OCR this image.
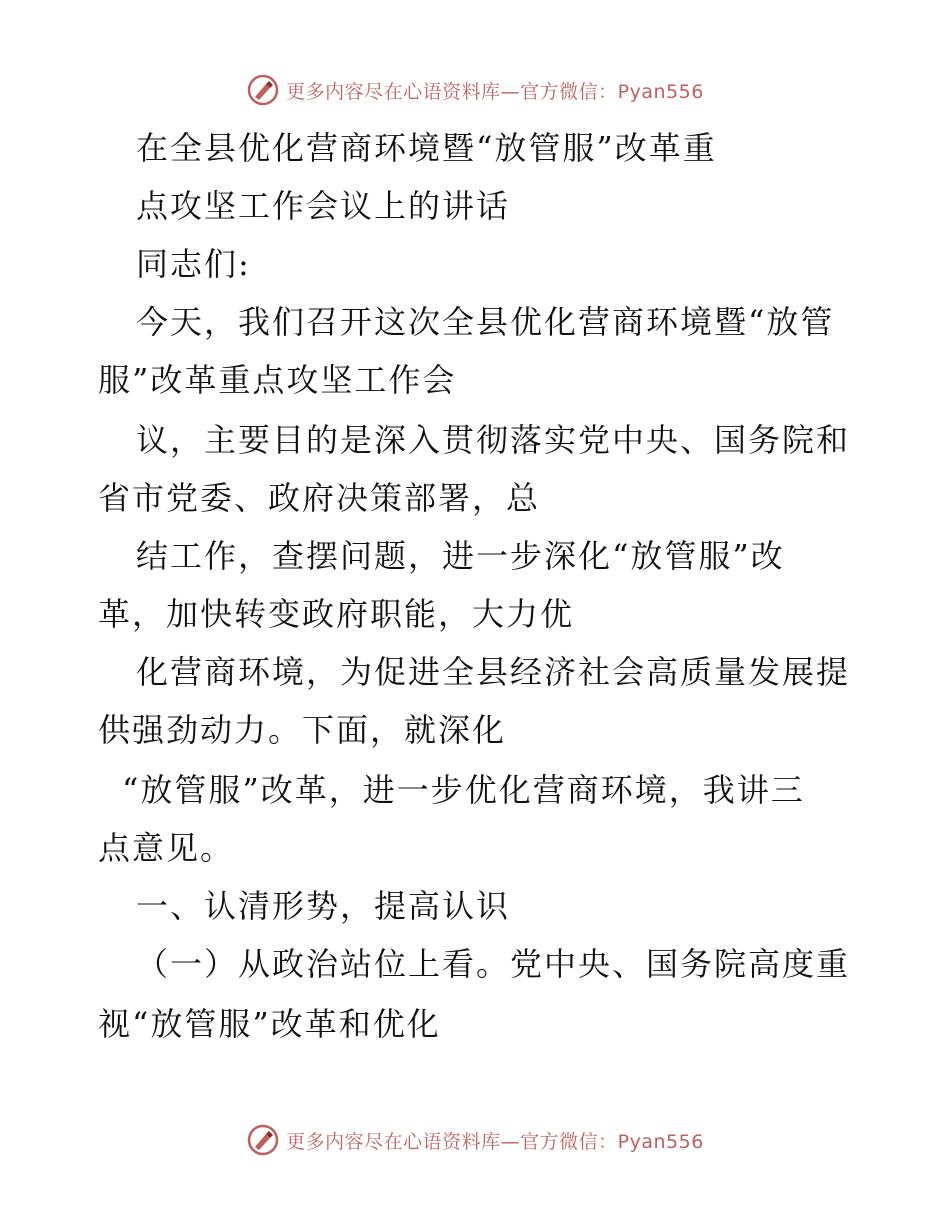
更多内容尽在心语资料库—官方微信：Pyan556
在全县优化营商环境暨“放管服”改革重
点攻坚工作会议上的讲话
同志们:
今天，我们召开这次全县优化营商环境暨“放管
服”改革重点攻坚工作会
议，主要目的是深入贯彻落实党中央、国务院和
省市党委、政府决策部署，总
结工作，查摆问题，进一步深化“放管服”改
革，加快转变政府职能，大力优
化营商环境，为促进全县经济社会高质量发展提
供强劲动力。下面，就深化
“放管服”改革，进一步优化营商环境，我讲三
点意见。
一、认清形势，提高认识
（一）从政治站位上看。党中央、国务院高度重
视“放管服”改革和优化
更多内容尽在心语资料库—官方微信：Pyan556
